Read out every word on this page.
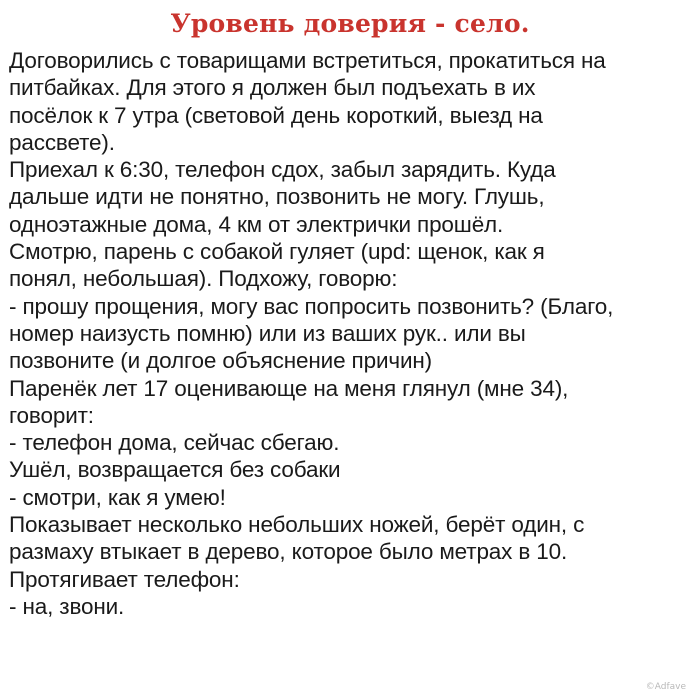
Уровень доверия - село.
Договорились с товарищами встретиться, прокатиться на
питбайках. Для этого я должен был подъехать в их
посёлок к 7 утра (световой день короткий, выезд на
рассвете).
Приехал к 6:30, телефон сдох, забыл зарядить. Куда
дальше идти не понятно, позвонить не могу. Глушь,
одноэтажные дома, 4 км от электрички прошёл.
Смотрю, парень с собакой гуляет (upd: щенок, как я
понял, небольшая). Подхожу, говорю:
- прошу прощения, могу вас попросить позвонить? (Благо,
номер наизусть помню) или из ваших рук.. или вы
позвоните (и долгое объяснение причин)
Паренёк лет 17 оценивающе на меня глянул (мне 34),
говорит:
- телефон дома, сейчас сбегаю.
Ушёл, возвращается без собаки
- смотри, как я умею!
Показывает несколько небольших ножей, берёт один, с
размаху втыкает в дерево, которое было метрах в 10.
Протягивает телефон:
- на, звони.
©Adfave
